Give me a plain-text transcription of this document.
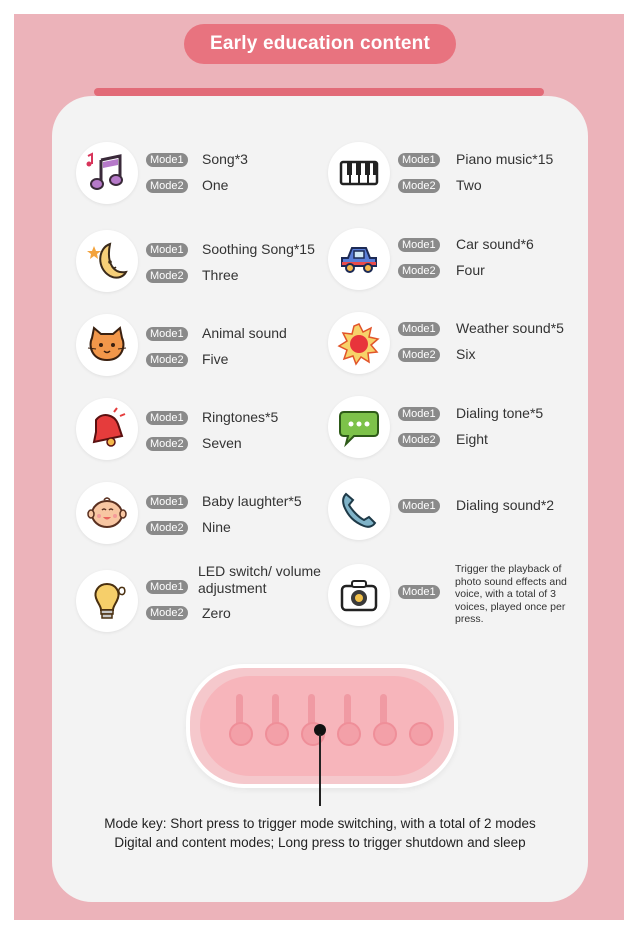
Early education content
Mode1 Song*3
Mode2 One
Mode1 Piano music*15
Mode2 Two
Mode1 Soothing Song*15
Mode2 Three
Mode1 Car sound*6
Mode2 Four
Mode1 Animal sound
Mode2 Five
Mode1 Weather sound*5
Mode2 Six
Mode1 Ringtones*5
Mode2 Seven
Mode1 Dialing tone*5
Mode2 Eight
Mode1 Baby laughter*5
Mode2 Nine
Mode1 Dialing sound*2
Mode1
LED switch/ volume adjustment
Mode2 Zero
Mode1
Trigger the playback of photo sound effects and voice, with a total of 3 voices, played once per press.
Mode key: Short press to trigger mode switching, with a total of 2 modes
Digital and content modes; Long press to trigger shutdown and sleep
